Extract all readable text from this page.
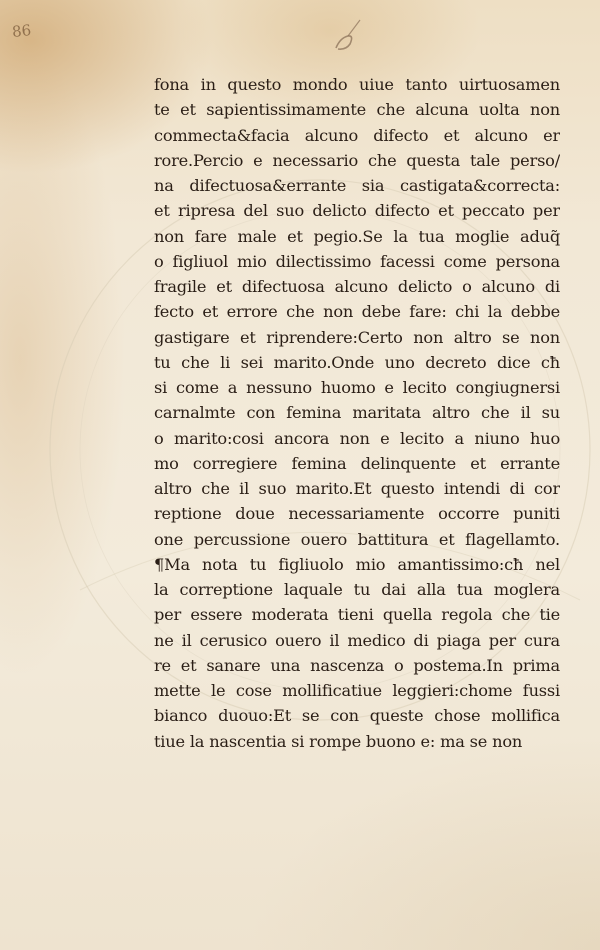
86
fona in questo mondo uiue tanto uirtuosamen
te et sapientissimamente che alcuna uolta non
commecta&facia alcuno difecto et alcuno er
rore.Percio e necessario che questa tale perso/
na difectuosa&errante sia castigata&correcta:
et ripresa del suo delicto difecto et peccato per
non fare male et pegio.Se la tua moglie aduq̃
o figliuol mio dilectissimo facessi come persona
fragile et difectuosa alcuno delicto o alcuno di
fecto et errore che non debe fare: chi la debbe
gastigare et riprendere:Certo non altro se non
tu che li sei marito.Onde uno decreto dice cħ
si come a nessuno huomo e lecito congiugnersi
carnalmte con femina maritata altro che il su
o marito:cosi ancora non e lecito a niuno huo
mo corregiere femina delinquente et errante
altro che il suo marito.Et questo intendi di cor
reptione doue necessariamente occorre puniti
one percussione ouero battitura et flagellamto.
¶Ma nota tu figliuolo mio amantissimo:cħ nel
la correptione laquale tu dai alla tua moglera
per essere moderata tieni quella regola che tie
ne il cerusico ouero il medico di piaga per cura
re et sanare una nascenza o postema.In prima
mette le cose mollificatiue leggieri:chome fussi
bianco duouo:Et se con queste chose mollifica
tiue la nascentia si rompe buono e: ma se non
